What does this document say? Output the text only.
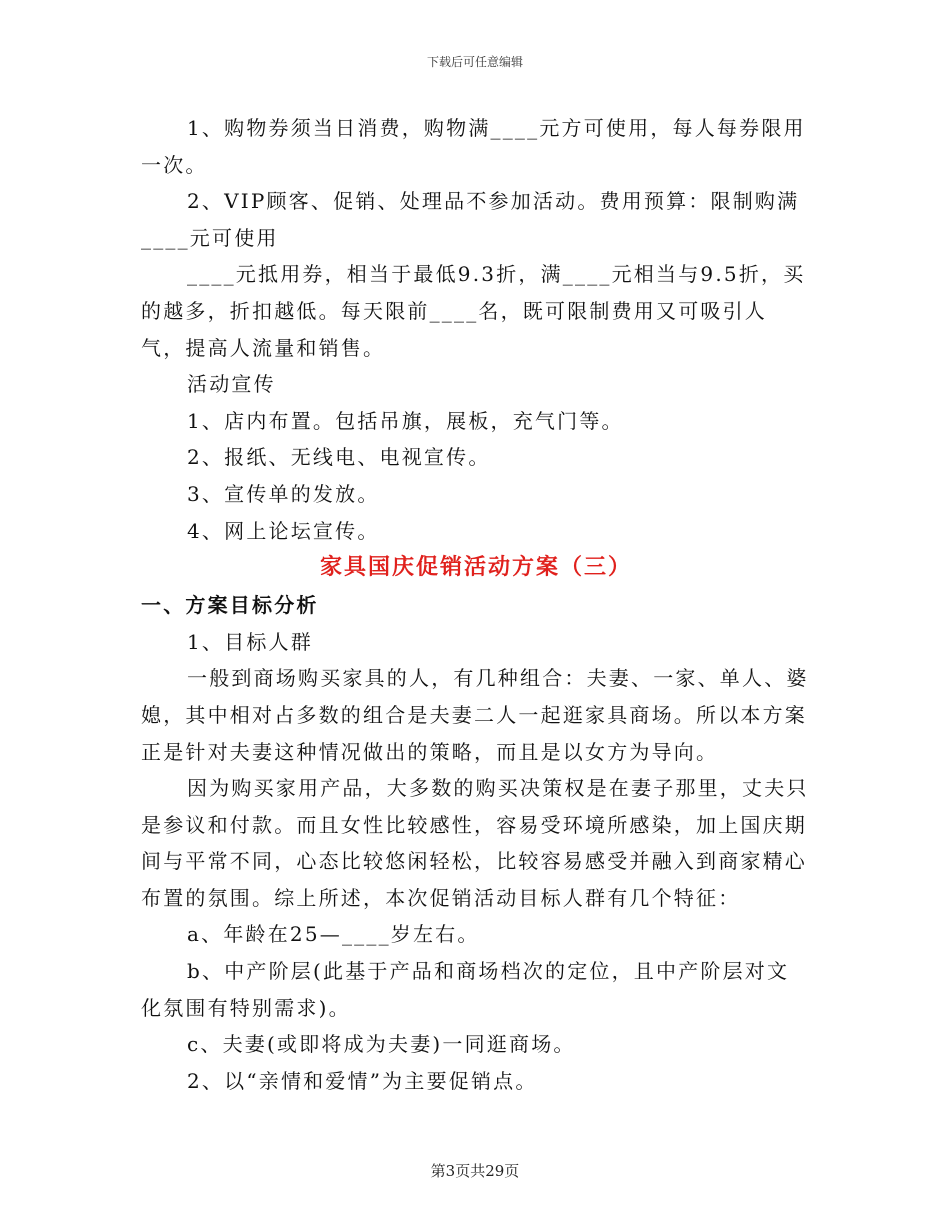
下载后可任意编辑

1、购物券须当日消费，购物满____元方可使用，每人每券限用一次。

2、VIP顾客、促销、处理品不参加活动。费用预算：限制购满____元可使用

____元抵用券，相当于最低9.3折，满____元相当与9.5折，买的越多，折扣越低。每天限前____名，既可限制费用又可吸引人气，提高人流量和销售。

活动宣传

1、店内布置。包括吊旗，展板，充气门等。

2、报纸、无线电、电视宣传。

3、宣传单的发放。

4、网上论坛宣传。

家具国庆促销活动方案（三）

一、方案目标分析

1、目标人群

一般到商场购买家具的人，有几种组合：夫妻、一家、单人、婆媳，其中相对占多数的组合是夫妻二人一起逛家具商场。所以本方案正是针对夫妻这种情况做出的策略，而且是以女方为导向。

因为购买家用产品，大多数的购买决策权是在妻子那里，丈夫只是参议和付款。而且女性比较感性，容易受环境所感染，加上国庆期间与平常不同，心态比较悠闲轻松，比较容易感受并融入到商家精心布置的氛围。综上所述，本次促销活动目标人群有几个特征：

a、年龄在25—____岁左右。

b、中产阶层(此基于产品和商场档次的定位，且中产阶层对文化氛围有特别需求)。

c、夫妻(或即将成为夫妻)一同逛商场。

2、以“亲情和爱情”为主要促销点。

第3页共29页
